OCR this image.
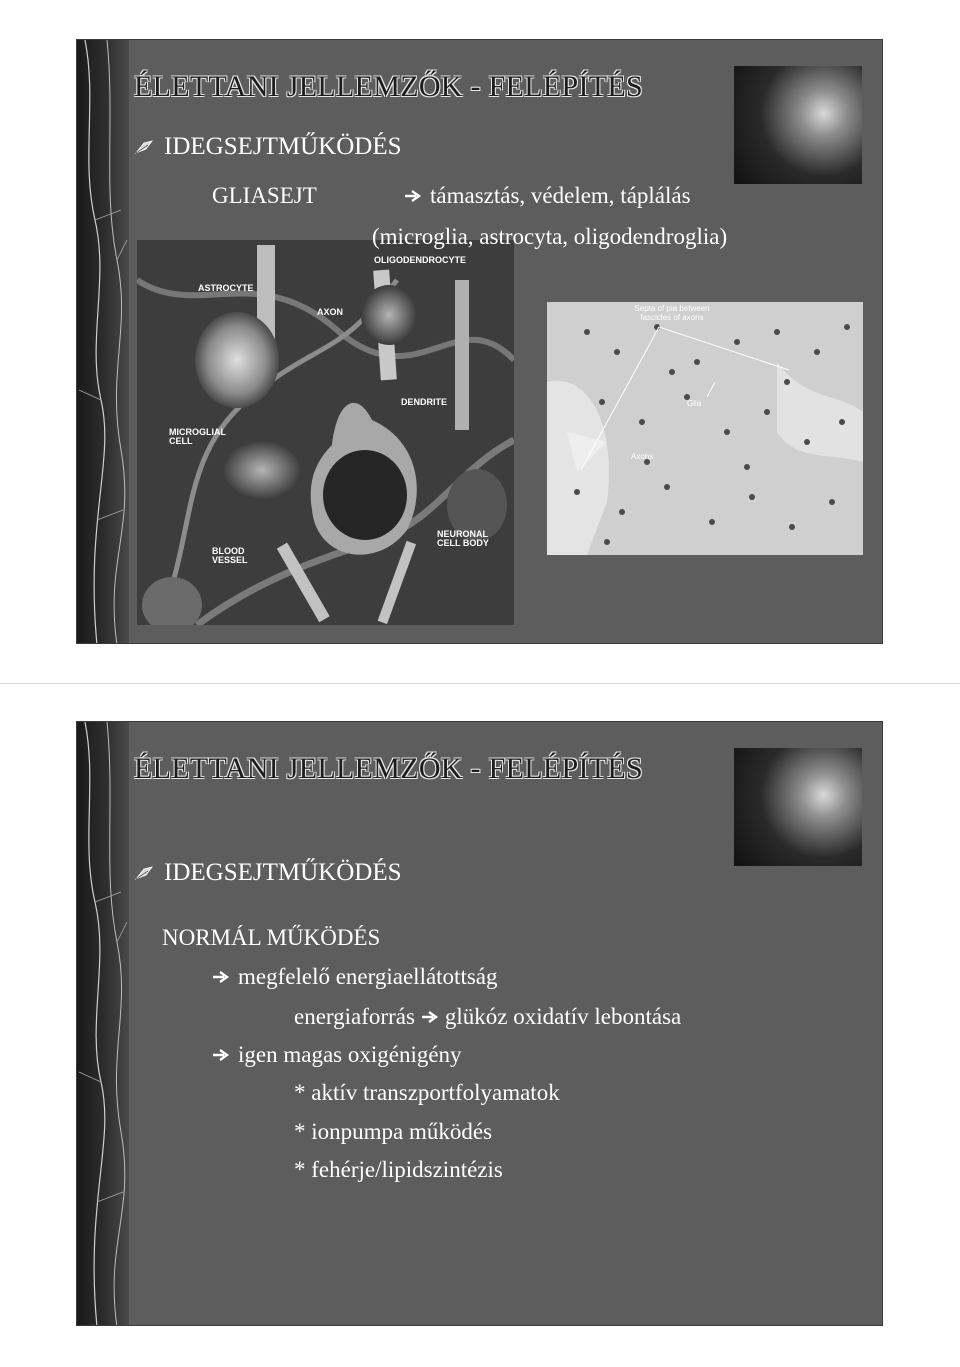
ÉLETTANI JELLEMZŐK - FELÉPÍTÉS
IDEGSEJTMŰKÖDÉS
GLIASEJT	támasztás, védelem, táplálás
(microglia, astrocyta, oligodendroglia)
ASTROCYTE
AXON
OLIGODENDROCYTE
DENDRITE
MICROGLIAL CELL
BLOOD VESSEL
NEURONAL CELL BODY
Septa of pia between fascicles of axons
Glia
Axons
ÉLETTANI JELLEMZŐK - FELÉPÍTÉS
IDEGSEJTMŰKÖDÉS
NORMÁL MŰKÖDÉS
megfelelő energiaellátottság
energiaforrás glükóz oxidatív lebontása
igen magas oxigénigény
* aktív transzportfolyamatok
* ionpumpa működés
* fehérje/lipidszintézis
